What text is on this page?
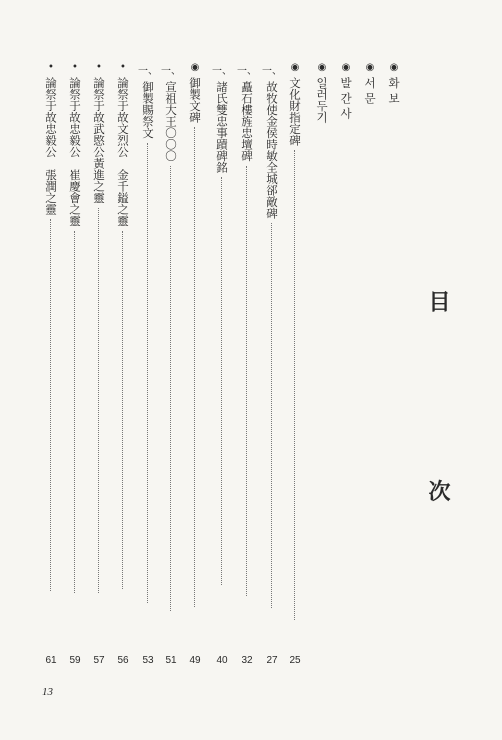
目 次
◉
화 보
◉
서 문
◉
발 간 사
◉
일러두기
◉
文化財指定碑
一、
故牧使金侯時敏全城郤敵碑
一、
矗石樓旌忠壇碑
一、
諸氏雙忠事蹟碑銘
◉
御製文碑
一、
宣祖大王〇〇〇
一、
御製賜祭文
•
論祭于故文烈公　金千鎰之靈
•
論祭于故武愍公黃進之靈
•
論祭于故忠毅公　崔慶會之靈
•
論祭于故忠毅公　張潤之靈
25
27
32
40
49
51
53
56
57
59
61
13
